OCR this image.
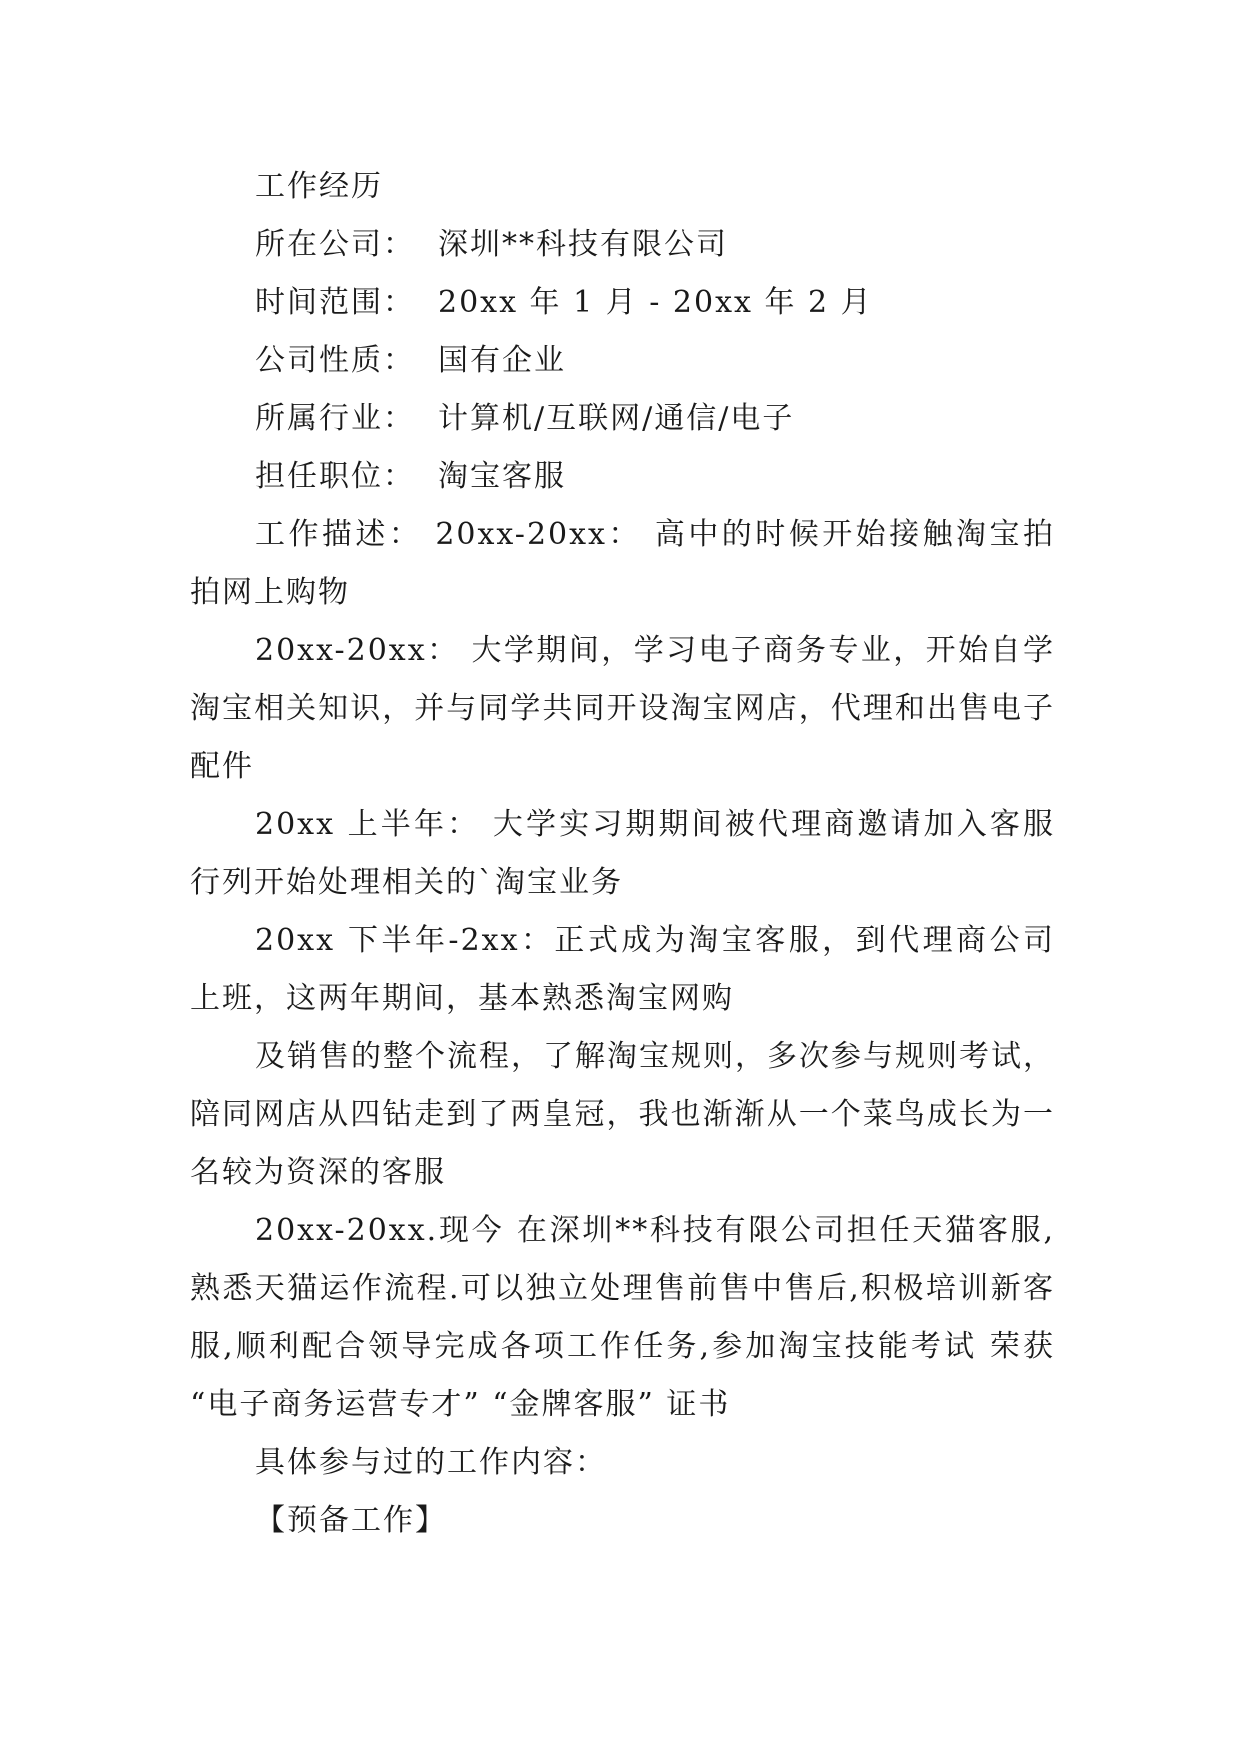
工作经历

所在公司： 深圳**科技有限公司

时间范围： 20xx 年 1 月 - 20xx 年 2 月

公司性质： 国有企业

所属行业： 计算机/互联网/通信/电子

担任职位： 淘宝客服

工作描述： 20xx-20xx： 高中的时候开始接触淘宝拍拍网上购物

20xx-20xx： 大学期间，学习电子商务专业，开始自学淘宝相关知识，并与同学共同开设淘宝网店，代理和出售电子配件

20xx 上半年： 大学实习期期间被代理商邀请加入客服行列开始处理相关的`淘宝业务

20xx 下半年-2xx：正式成为淘宝客服，到代理商公司上班，这两年期间，基本熟悉淘宝网购

及销售的整个流程，了解淘宝规则，多次参与规则考试，陪同网店从四钻走到了两皇冠，我也渐渐从一个菜鸟成长为一名较为资深的客服

20xx-20xx.现今 在深圳**科技有限公司担任天猫客服,熟悉天猫运作流程.可以独立处理售前售中售后,积极培训新客服,顺利配合领导完成各项工作任务,参加淘宝技能考试 荣获 “电子商务运营专才” “金牌客服” 证书

具体参与过的工作内容：

【预备工作】
